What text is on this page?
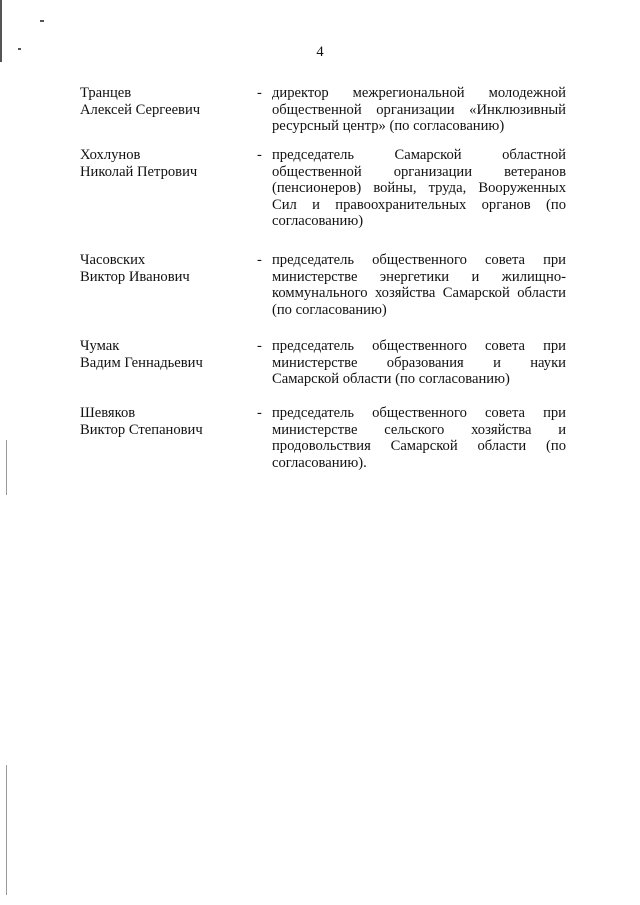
4
Транцев
Алексей Сергеевич
- директор межрегиональной молодежной
общественной организации «Инклюзивный
ресурсный центр» (по согласованию)
Хохлунов
Николай Петрович
- председатель Самарской областной
общественной организации ветеранов
(пенсионеров) войны, труда, Вооруженных
Сил и правоохранительных органов (по
согласованию)
Часовских
Виктор Иванович
- председатель общественного совета при
министерстве энергетики и жилищно-
коммунального хозяйства Самарской области
(по согласованию)
Чумак
Вадим Геннадьевич
- председатель общественного совета при
министерстве образования и науки
Самарской области (по согласованию)
Шевяков
Виктор Степанович
- председатель общественного совета при
министерстве сельского хозяйства и
продовольствия Самарской области (по
согласованию).
